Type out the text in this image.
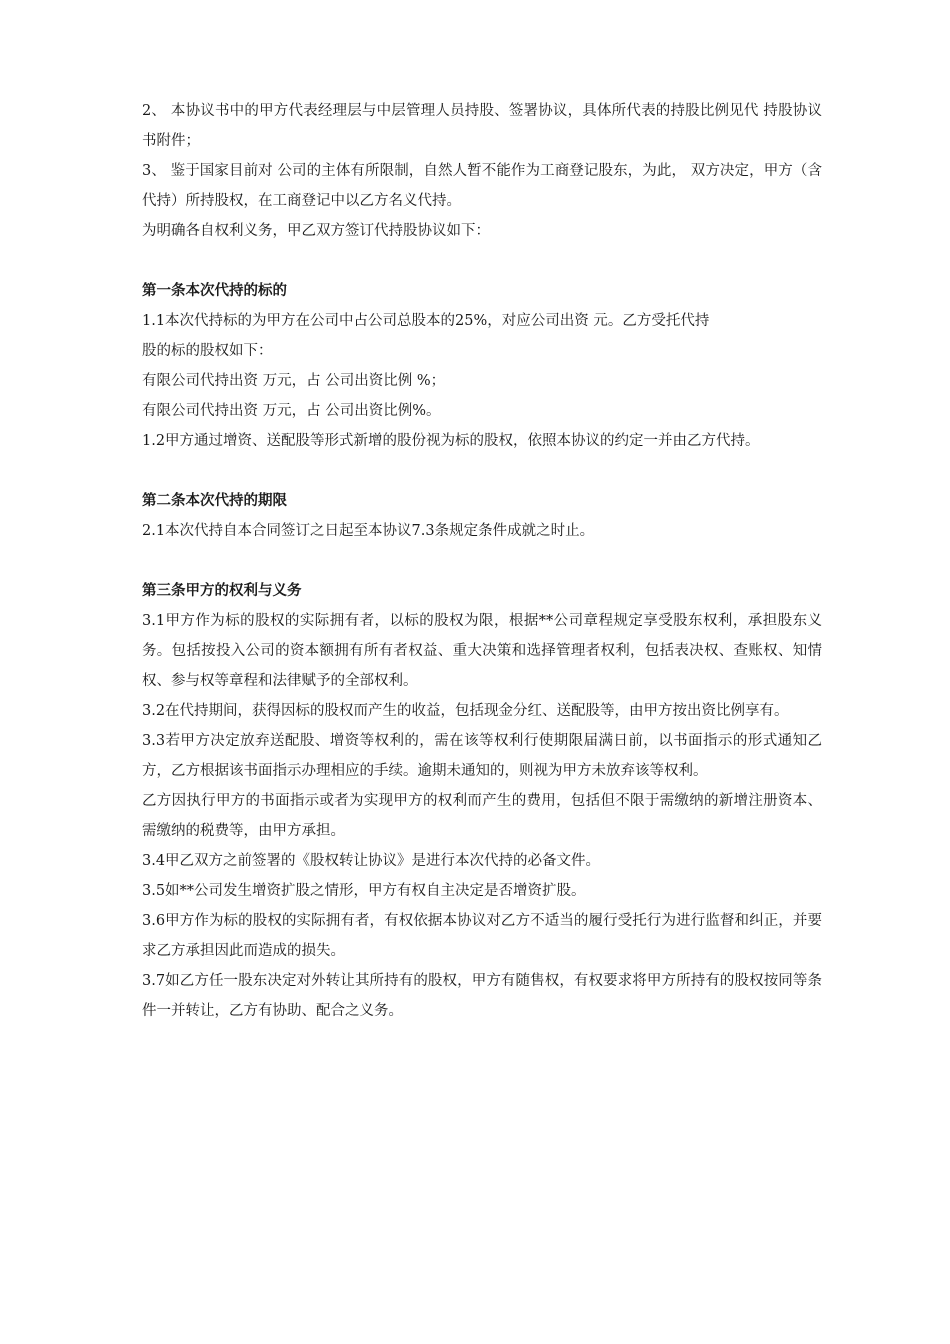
2、 本协议书中的甲方代表经理层与中层管理人员持股、签署协议，具体所代表的持股比例见代 持股协议书附件；

3、 鉴于国家目前对 公司的主体有所限制，自然人暂不能作为工商登记股东，为此， 双方决定，甲方（含代持）所持股权，在工商登记中以乙方名义代持。

为明确各自权利义务，甲乙双方签订代持股协议如下：

第一条本次代持的标的

1.1本次代持标的为甲方在公司中占公司总股本的25%，对应公司出资 元。乙方受托代持

股的标的股权如下：

有限公司代持出资 万元，占 公司出资比例 %；

有限公司代持出资 万元，占 公司出资比例%。

1.2甲方通过增资、送配股等形式新增的股份视为标的股权，依照本协议的约定一并由乙方代持。

第二条本次代持的期限

2.1本次代持自本合同签订之日起至本协议7.3条规定条件成就之时止。

第三条甲方的权利与义务

3.1甲方作为标的股权的实际拥有者，以标的股权为限，根据**公司章程规定享受股东权利，承担股东义务。包括按投入公司的资本额拥有所有者权益、重大决策和选择管理者权利，包括表决权、查账权、知情权、参与权等章程和法律赋予的全部权利。

3.2在代持期间，获得因标的股权而产生的收益，包括现金分红、送配股等，由甲方按出资比例享有。

3.3若甲方决定放弃送配股、增资等权利的，需在该等权利行使期限届满日前，以书面指示的形式通知乙方，乙方根据该书面指示办理相应的手续。逾期未通知的，则视为甲方未放弃该等权利。

乙方因执行甲方的书面指示或者为实现甲方的权利而产生的费用，包括但不限于需缴纳的新增注册资本、需缴纳的税费等，由甲方承担。

3.4甲乙双方之前签署的《股权转让协议》是进行本次代持的必备文件。

3.5如**公司发生增资扩股之情形，甲方有权自主决定是否增资扩股。

3.6甲方作为标的股权的实际拥有者，有权依据本协议对乙方不适当的履行受托行为进行监督和纠正，并要求乙方承担因此而造成的损失。

3.7如乙方任一股东决定对外转让其所持有的股权，甲方有随售权，有权要求将甲方所持有的股权按同等条件一并转让，乙方有协助、配合之义务。
